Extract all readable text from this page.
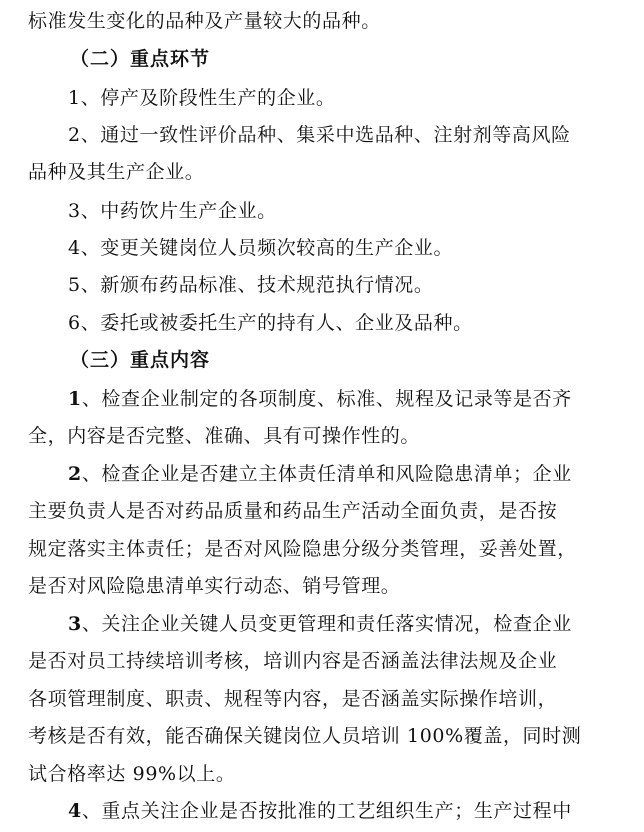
标准发生变化的品种及产量较大的品种。
（二）重点环节
1、停产及阶段性生产的企业。
2、通过一致性评价品种、集采中选品种、注射剂等高风险
品种及其生产企业。
3、中药饮片生产企业。
4、变更关键岗位人员频次较高的生产企业。
5、新颁布药品标准、技术规范执行情况。
6、委托或被委托生产的持有人、企业及品种。
（三）重点内容
1、检查企业制定的各项制度、标准、规程及记录等是否齐
全，内容是否完整、准确、具有可操作性的。
2、检查企业是否建立主体责任清单和风险隐患清单；企业
主要负责人是否对药品质量和药品生产活动全面负责，是否按
规定落实主体责任；是否对风险隐患分级分类管理，妥善处置，
是否对风险隐患清单实行动态、销号管理。
3、关注企业关键人员变更管理和责任落实情况，检查企业
是否对员工持续培训考核，培训内容是否涵盖法律法规及企业
各项管理制度、职责、规程等内容，是否涵盖实际操作培训，
考核是否有效，能否确保关键岗位人员培训 100%覆盖，同时测
试合格率达 99%以上。
4、重点关注企业是否按批准的工艺组织生产；生产过程中
